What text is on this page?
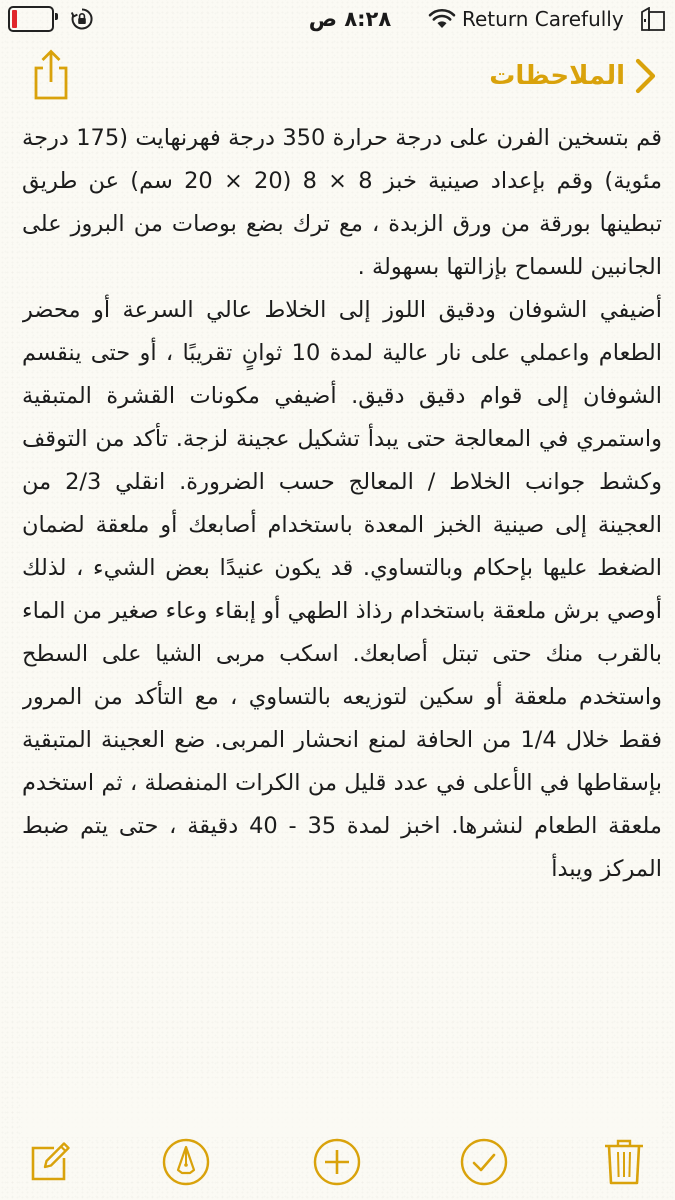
٨:٢٨ ص	Return Carefully
الملاحظات

قم بتسخين الفرن على درجة حرارة 350 درجة فهرنهايت (175 درجة مئوية) وقم بإعداد صينية خبز 8 × 8 (20 × 20 سم) عن طريق تبطينها بورقة من ورق الزبدة ، مع ترك بضع بوصات من البروز على الجانبين للسماح بإزالتها بسهولة .

أضيفي الشوفان ودقيق اللوز إلى الخلاط عالي السرعة أو محضر الطعام واعملي على نار عالية لمدة 10 ثوانٍ تقريبًا ، أو حتى ينقسم الشوفان إلى قوام دقيق دقيق. أضيفي مكونات القشرة المتبقية واستمري في المعالجة حتى يبدأ تشكيل عجينة لزجة. تأكد من التوقف وكشط جوانب الخلاط / المعالج حسب الضرورة. انقلي 2/3 من العجينة إلى صينية الخبز المعدة باستخدام أصابعك أو ملعقة لضمان الضغط عليها بإحكام وبالتساوي. قد يكون عنيدًا بعض الشيء ، لذلك أوصي برش ملعقة باستخدام رذاذ الطهي أو إبقاء وعاء صغير من الماء بالقرب منك حتى تبتل أصابعك. اسكب مربى الشيا على السطح واستخدم ملعقة أو سكين لتوزيعه بالتساوي ، مع التأكد من المرور فقط خلال 1/4 من الحافة لمنع انحشار المربى. ضع العجينة المتبقية بإسقاطها في الأعلى في عدد قليل من الكرات المنفصلة ، ثم استخدم ملعقة الطعام لنشرها. اخبز لمدة 35 - 40 دقيقة ، حتى يتم ضبط المركز ويبدأ
